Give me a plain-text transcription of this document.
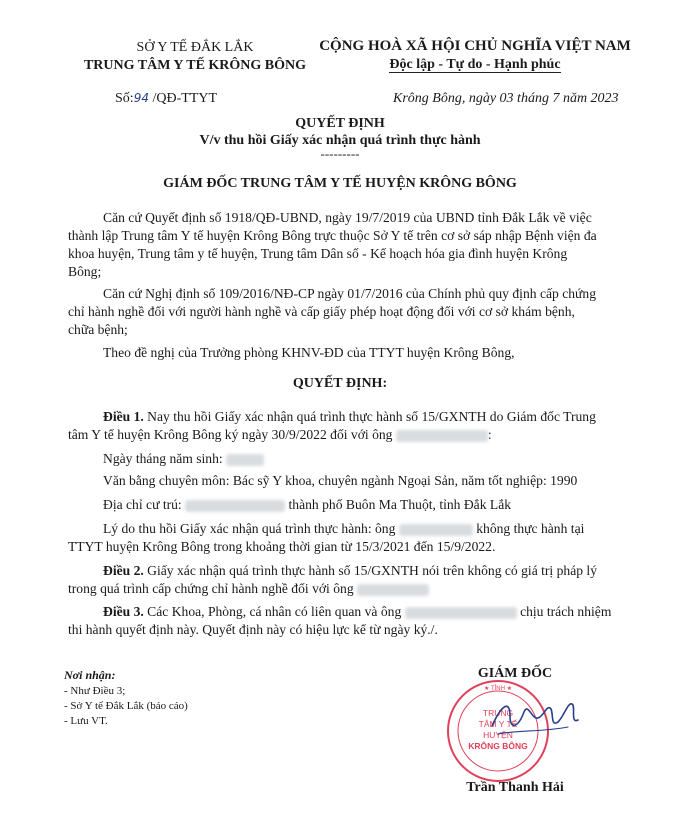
SỞ Y TẾ ĐẮK LẮK
TRUNG TÂM Y TẾ KRÔNG BÔNG
Số:94 /QĐ-TTYT
CỘNG HOÀ XÃ HỘI CHỦ NGHĨA VIỆT NAM
Độc lập - Tự do - Hạnh phúc
Krông Bông, ngày 03 tháng 7 năm 2023
QUYẾT ĐỊNH
V/v thu hồi Giấy xác nhận quá trình thực hành
---------
GIÁM ĐỐC TRUNG TÂM Y TẾ HUYỆN KRÔNG BÔNG
Căn cứ Quyết định số 1918/QĐ-UBND, ngày 19/7/2019 của UBND tỉnh Đắk Lắk về việc
thành lập Trung tâm Y tế huyện Krông Bông trực thuộc Sở Y tế trên cơ sở sáp nhập Bệnh viện đa
khoa huyện, Trung tâm y tế huyện, Trung tâm Dân số - Kế hoạch hóa gia đình huyện Krông
Bông;
Căn cứ Nghị định số 109/2016/NĐ-CP ngày 01/7/2016 của Chính phủ quy định cấp chứng
chỉ hành nghề đối với người hành nghề và cấp giấy phép hoạt động đối với cơ sở khám bệnh,
chữa bệnh;
Theo đề nghị của Trưởng phòng KHNV-ĐD của TTYT huyện Krông Bông,
QUYẾT ĐỊNH:
Điều 1. Nay thu hồi Giấy xác nhận quá trình thực hành số 15/GXNTH do Giám đốc Trung
tâm Y tế huyện Krông Bông ký ngày 30/9/2022 đối với ông	:
Ngày tháng năm sinh:
Văn bằng chuyên môn: Bác sỹ Y khoa, chuyên ngành Ngoại Sản, năm tốt nghiệp: 1990
Địa chỉ cư trú:	thành phố Buôn Ma Thuột, tỉnh Đắk Lắk
Lý do thu hồi Giấy xác nhận quá trình thực hành: ông	không thực hành tại
TTYT huyện Krông Bông trong khoảng thời gian từ 15/3/2021 đến 15/9/2022.
Điều 2. Giấy xác nhận quá trình thực hành số 15/GXNTH nói trên không có giá trị pháp lý
trong quá trình cấp chứng chỉ hành nghề đối với ông
Điều 3. Các Khoa, Phòng, cá nhân có liên quan và ông	chịu trách nhiệm
thi hành quyết định này. Quyết định này có hiệu lực kể từ ngày ký./.
Nơi nhận:
- Như Điều 3;
- Sở Y tế Đắk Lắk (báo cáo)
- Lưu VT.
GIÁM ĐỐC
★ TỈNH ★
TRUNG
TÂM Y TẾ
HUYỆN
KRÔNG BÔNG
Trần Thanh Hải
